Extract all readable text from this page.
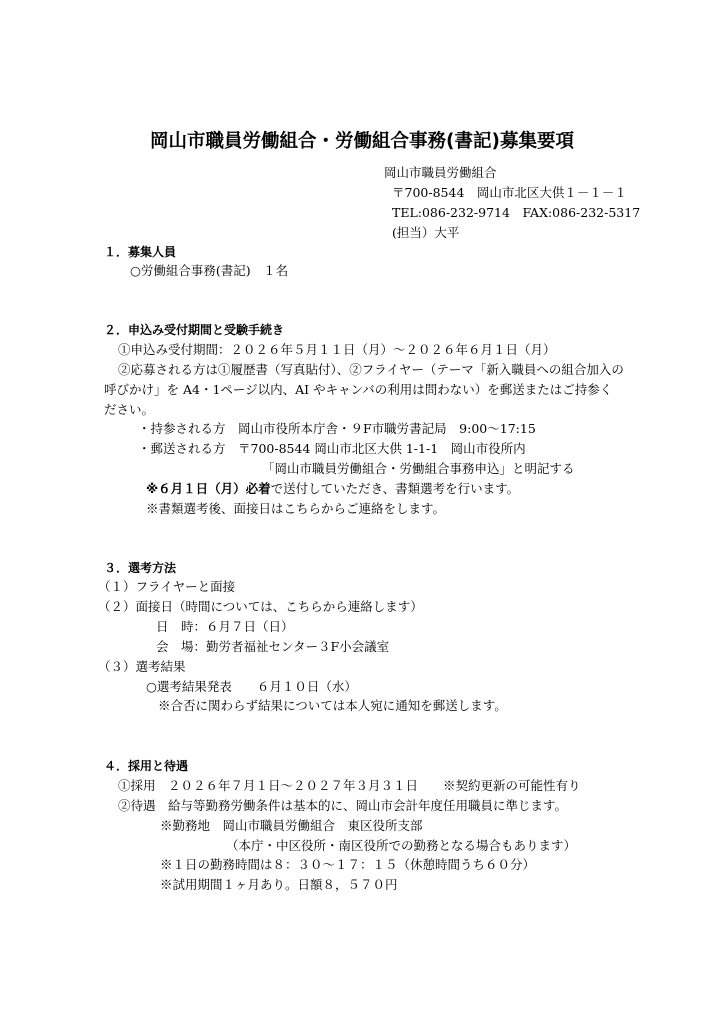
岡山市職員労働組合・労働組合事務(書記)募集要項
岡山市職員労働組合
〒700-8544　岡山市北区大供１－１－１
TEL:086-232-9714　FAX:086-232-5317
(担当）大平
１．募集人員
○労働組合事務(書記)　１名
２．申込み受付期間と受験手続き
①申込み受付期間：２０２６年５月１１日（月）～２０２６年６月１日（月）
②応募される方は①履歴書（写真貼付）、②フライヤー（テーマ「新入職員への組合加入の
呼びかけ」を A4・1ページ以内、AI やキャンバの利用は問わない）を郵送またはご持参く
ださい。
・持参される方　岡山市役所本庁舎・９F市職労書記局　9:00～17:15
・郵送される方　〒700-8544 岡山市北区大供 1-1-1　岡山市役所内
「岡山市職員労働組合・労働組合事務申込」と明記する
※６月１日（月）必着で送付していただき、書類選考を行います。
※書類選考後、面接日はこちらからご連絡をします。
３．選考方法
（１）フライヤーと面接
（２）面接日（時間については、こちらから連絡します）
日　時：６月７日（日）
会　場：勤労者福祉センター３F小会議室
（３）選考結果
○選考結果発表　　６月１０日（水）
※合否に関わらず結果については本人宛に通知を郵送します。
４．採用と待遇
①採用　２０２６年７月１日～２０２７年３月３１日　　※契約更新の可能性有り
②待遇　給与等勤務労働条件は基本的に、岡山市会計年度任用職員に準じます。
※勤務地　岡山市職員労働組合　東区役所支部
（本庁・中区役所・南区役所での勤務となる場合もあります）
※１日の勤務時間は８：３０～１７：１５（休憩時間うち６０分）
※試用期間１ヶ月あり。日額８，５７０円
